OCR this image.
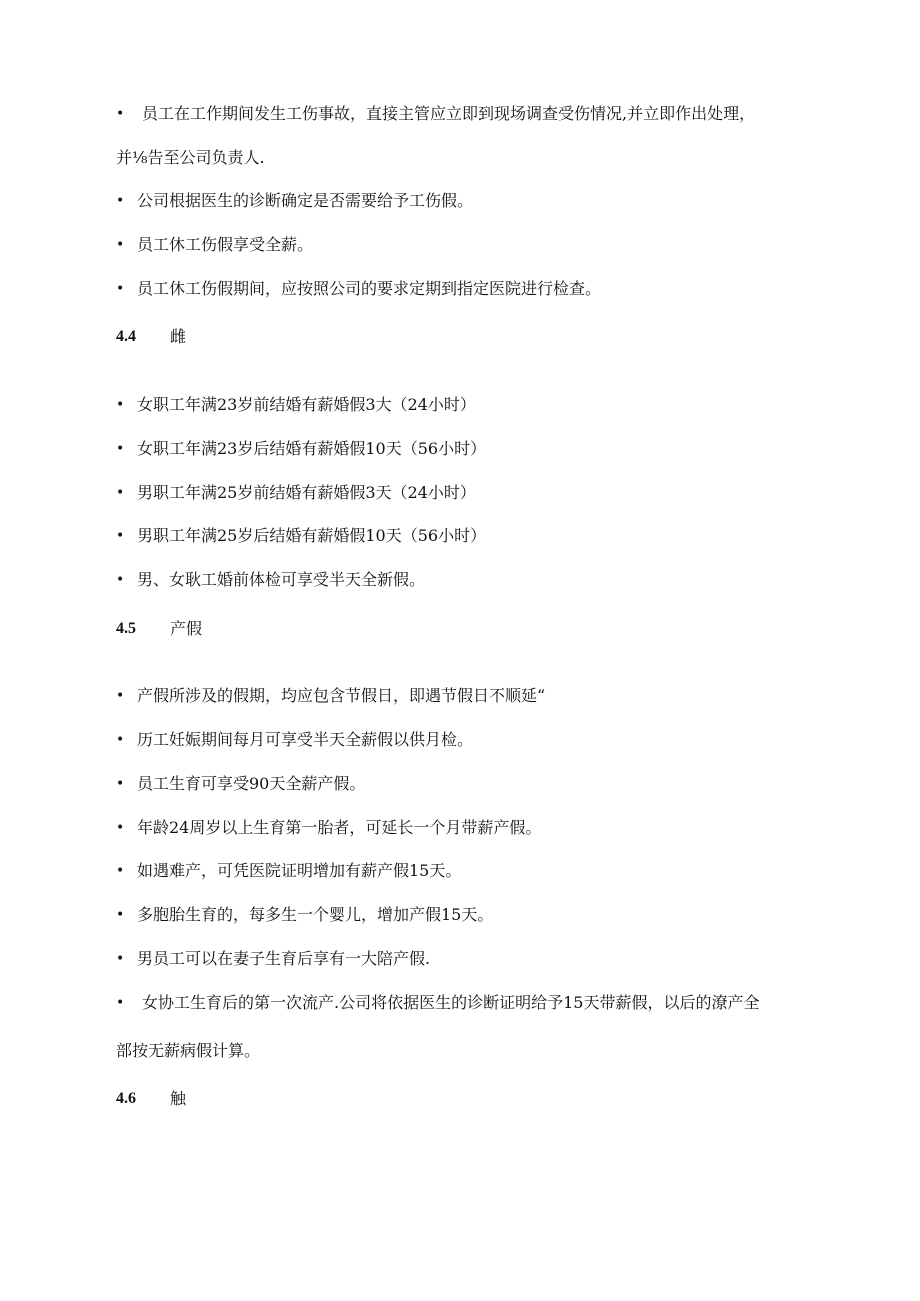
• 员工在工作期间发生工伤事故，直接主管应立即到现场调查受伤情况,并立即作出处理，
并⅛告至公司负责人.
• 公司根据医生的诊断确定是否需要给予工伤假。
• 员工休工伤假享受全薪。
• 员工休工伤假期间，应按照公司的要求定期到指定医院进行检查。
4.4 雌
• 女职工年满23岁前结婚有薪婚假3大（24小时）
• 女职工年满23岁后结婚有薪婚假10天（56小时）
• 男职工年满25岁前结婚有薪婚假3天（24小时）
• 男职工年满25岁后结婚有薪婚假10天（56小时）
• 男、女耿工婚前体检可享受半天全新假。
4.5 产假
• 产假所涉及的假期，均应包含节假日，即遇节假日不顺延“
• 历工妊娠期间每月可享受半天全薪假以供月检。
• 员工生育可享受90天全薪产假。
• 年龄24周岁以上生育第一胎者，可延长一个月带薪产假。
• 如遇难产，可凭医院证明增加有薪产假15天。
• 多胞胎生育的，每多生一个婴儿，增加产假15天。
• 男员工可以在妻子生育后享有一大陪产假.
• 女协工生育后的第一次流产.公司将依据医生的诊断证明给予15天带薪假，以后的潦产全
部按无薪病假计算。
4.6 触
